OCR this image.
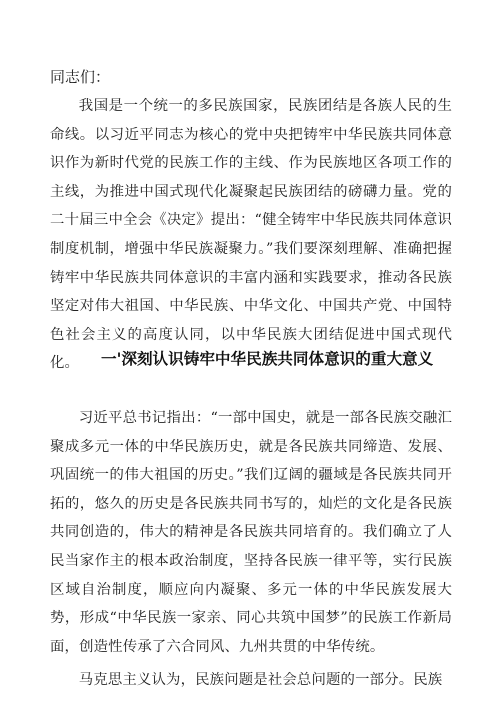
同志们：

我国是一个统一的多民族国家，民族团结是各族人民的生命线。以习近平同志为核心的党中央把铸牢中华民族共同体意识作为新时代党的民族工作的主线、作为民族地区各项工作的主线，为推进中国式现代化凝聚起民族团结的磅礴力量。党的二十届三中全会《决定》提出：“健全铸牢中华民族共同体意识制度机制，增强中华民族凝聚力。”我们要深刻理解、准确把握铸牢中华民族共同体意识的丰富内涵和实践要求，推动各民族坚定对伟大祖国、中华民族、中华文化、中国共产党、中国特色社会主义的高度认同，以中华民族大团结促进中国式现代化。	一'深刻认识铸牢中华民族共同体意识的重大意义

习近平总书记指出：“一部中国史，就是一部各民族交融汇聚成多元一体的中华民族历史，就是各民族共同缔造、发展、巩固统一的伟大祖国的历史。”我们辽阔的疆域是各民族共同开拓的，悠久的历史是各民族共同书写的，灿烂的文化是各民族共同创造的，伟大的精神是各民族共同培育的。我们确立了人民当家作主的根本政治制度，坚持各民族一律平等，实行民族区域自治制度，顺应向内凝聚、多元一体的中华民族发展大势，形成“中华民族一家亲、同心共筑中国梦”的民族工作新局面，创造性传承了六合同风、九州共贯的中华传统。

马克思主义认为，民族问题是社会总问题的一部分。民族
